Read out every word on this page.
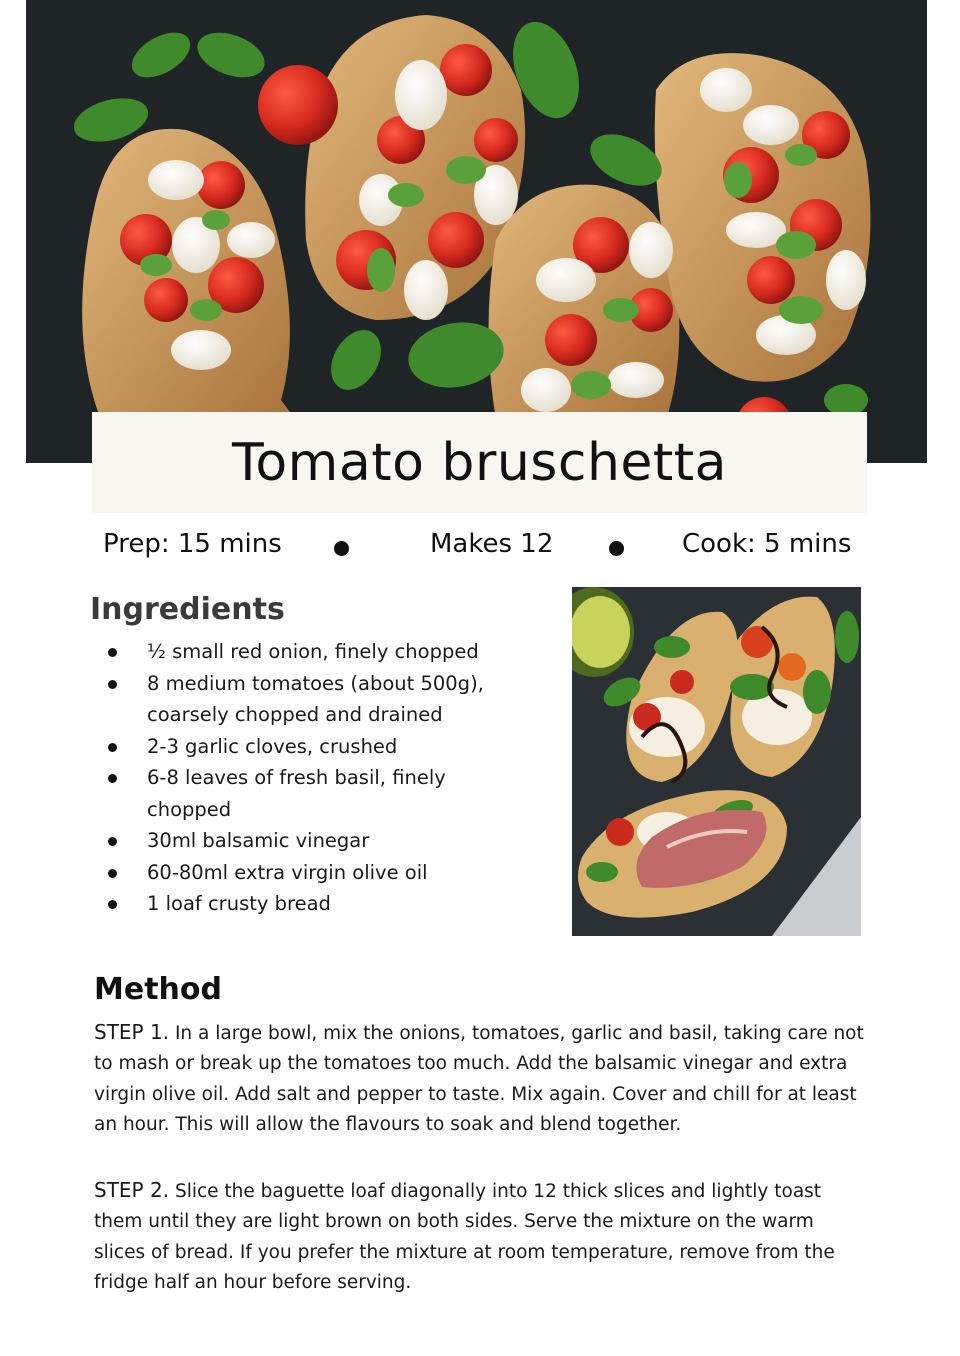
Tomato bruschetta
Prep: 15 mins	Makes 12	Cook: 5 mins
Ingredients
½ small red onion, finely chopped
8 medium tomatoes (about 500g), coarsely chopped and drained
2-3 garlic cloves, crushed
6-8 leaves of fresh basil, finely chopped
30ml balsamic vinegar
60-80ml extra virgin olive oil
1 loaf crusty bread
Method

STEP 1. In a large bowl, mix the onions, tomatoes, garlic and basil, taking care not to mash or break up the tomatoes too much. Add the balsamic vinegar and extra virgin olive oil. Add salt and pepper to taste. Mix again. Cover and chill for at least an hour. This will allow the flavours to soak and blend together.

STEP 2. Slice the baguette loaf diagonally into 12 thick slices and lightly toast them until they are light brown on both sides. Serve the mixture on the warm slices of bread. If you prefer the mixture at room temperature, remove from the fridge half an hour before serving.
